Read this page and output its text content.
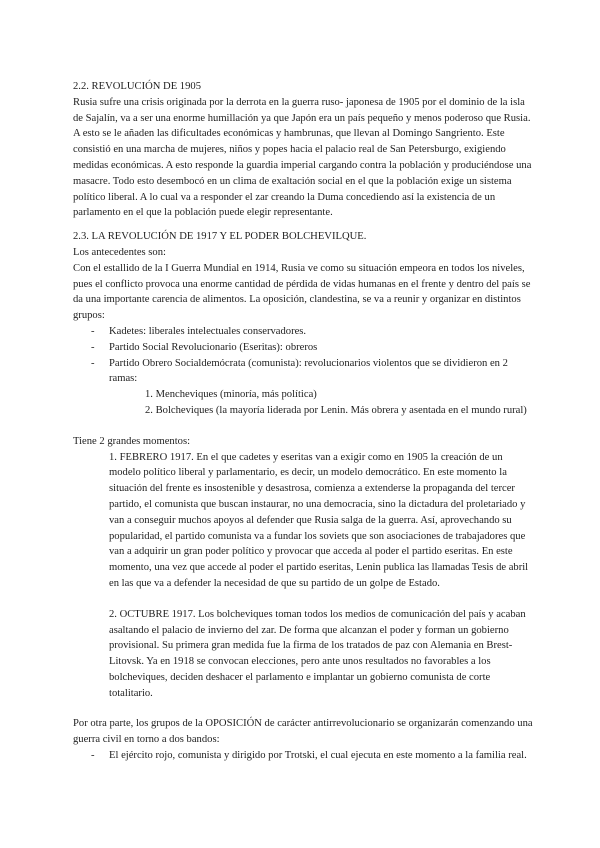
2.2. REVOLUCIÓN DE 1905

Rusia sufre una crisis originada por la derrota en la guerra ruso- japonesa de 1905 por el dominio de la isla de Sajalín, va a ser una enorme humillación ya que Japón era un país pequeño y menos poderoso que Rusia. A esto se le añaden las dificultades económicas y hambrunas, que llevan al Domingo Sangriento. Este consistió en una marcha de mujeres, niños y popes hacia el palacio real de San Petersburgo, exigiendo medidas económicas. A esto responde la guardia imperial cargando contra la población y produciéndose una masacre. Todo esto desembocó en un clima de exaltación social en el que la población exige un sistema político liberal. A lo cual va a responder el zar creando la Duma concediendo así la existencia de un parlamento en el que la población puede elegir representante.

2.3. LA REVOLUCIÓN DE 1917 Y EL PODER BOLCHEVILQUE.

Los antecedentes son:

Con el estallido de la I Guerra Mundial en 1914, Rusia ve como su situación empeora en todos los niveles, pues el conflicto provoca una enorme cantidad de pérdida de vidas humanas en el frente y dentro del país se da una importante carencia de alimentos. La oposición, clandestina, se va a reunir y organizar en distintos grupos:

- Kadetes: liberales intelectuales conservadores.
- Partido Social Revolucionario (Eseritas): obreros
- Partido Obrero Socialdemócrata (comunista): revolucionarios violentos que se dividieron en 2 ramas:

1. Mencheviques (minoría, más política)

2. Bolcheviques (la mayoría liderada por Lenin. Más obrera y asentada en el mundo rural)

Tiene 2 grandes momentos:

1. FEBRERO 1917. En el que cadetes y eseritas van a exigir como en 1905 la creación de un modelo político liberal y parlamentario, es decir, un modelo democrático. En este momento la situación del frente es insostenible y desastrosa, comienza a extenderse la propaganda del tercer partido, el comunista que buscan instaurar, no una democracia, sino la dictadura del proletariado y van a conseguir muchos apoyos al defender que Rusia salga de la guerra. Así, aprovechando su popularidad, el partido comunista va a fundar los soviets que son asociaciones de trabajadores que van a adquirir un gran poder político y provocar que acceda al poder el partido eseritas. En este momento, una vez que accede al poder el partido eseritas, Lenin publica las llamadas Tesis de abril en las que va a defender la necesidad de que su partido de un golpe de Estado.

2. OCTUBRE 1917. Los bolcheviques toman todos los medios de comunicación del país y acaban asaltando el palacio de invierno del zar. De forma que alcanzan el poder y forman un gobierno provisional. Su primera gran medida fue la firma de los tratados de paz con Alemania en Brest- Litovsk. Ya en 1918 se convocan elecciones, pero ante unos resultados no favorables a los bolcheviques, deciden deshacer el parlamento e implantar un gobierno comunista de corte totalitario.

Por otra parte, los grupos de la OPOSICIÓN de carácter antirrevolucionario se organizarán comenzando una guerra civil en torno a dos bandos:

- El ejército rojo, comunista y dirigido por Trotski, el cual ejecuta en este momento a la familia real.
